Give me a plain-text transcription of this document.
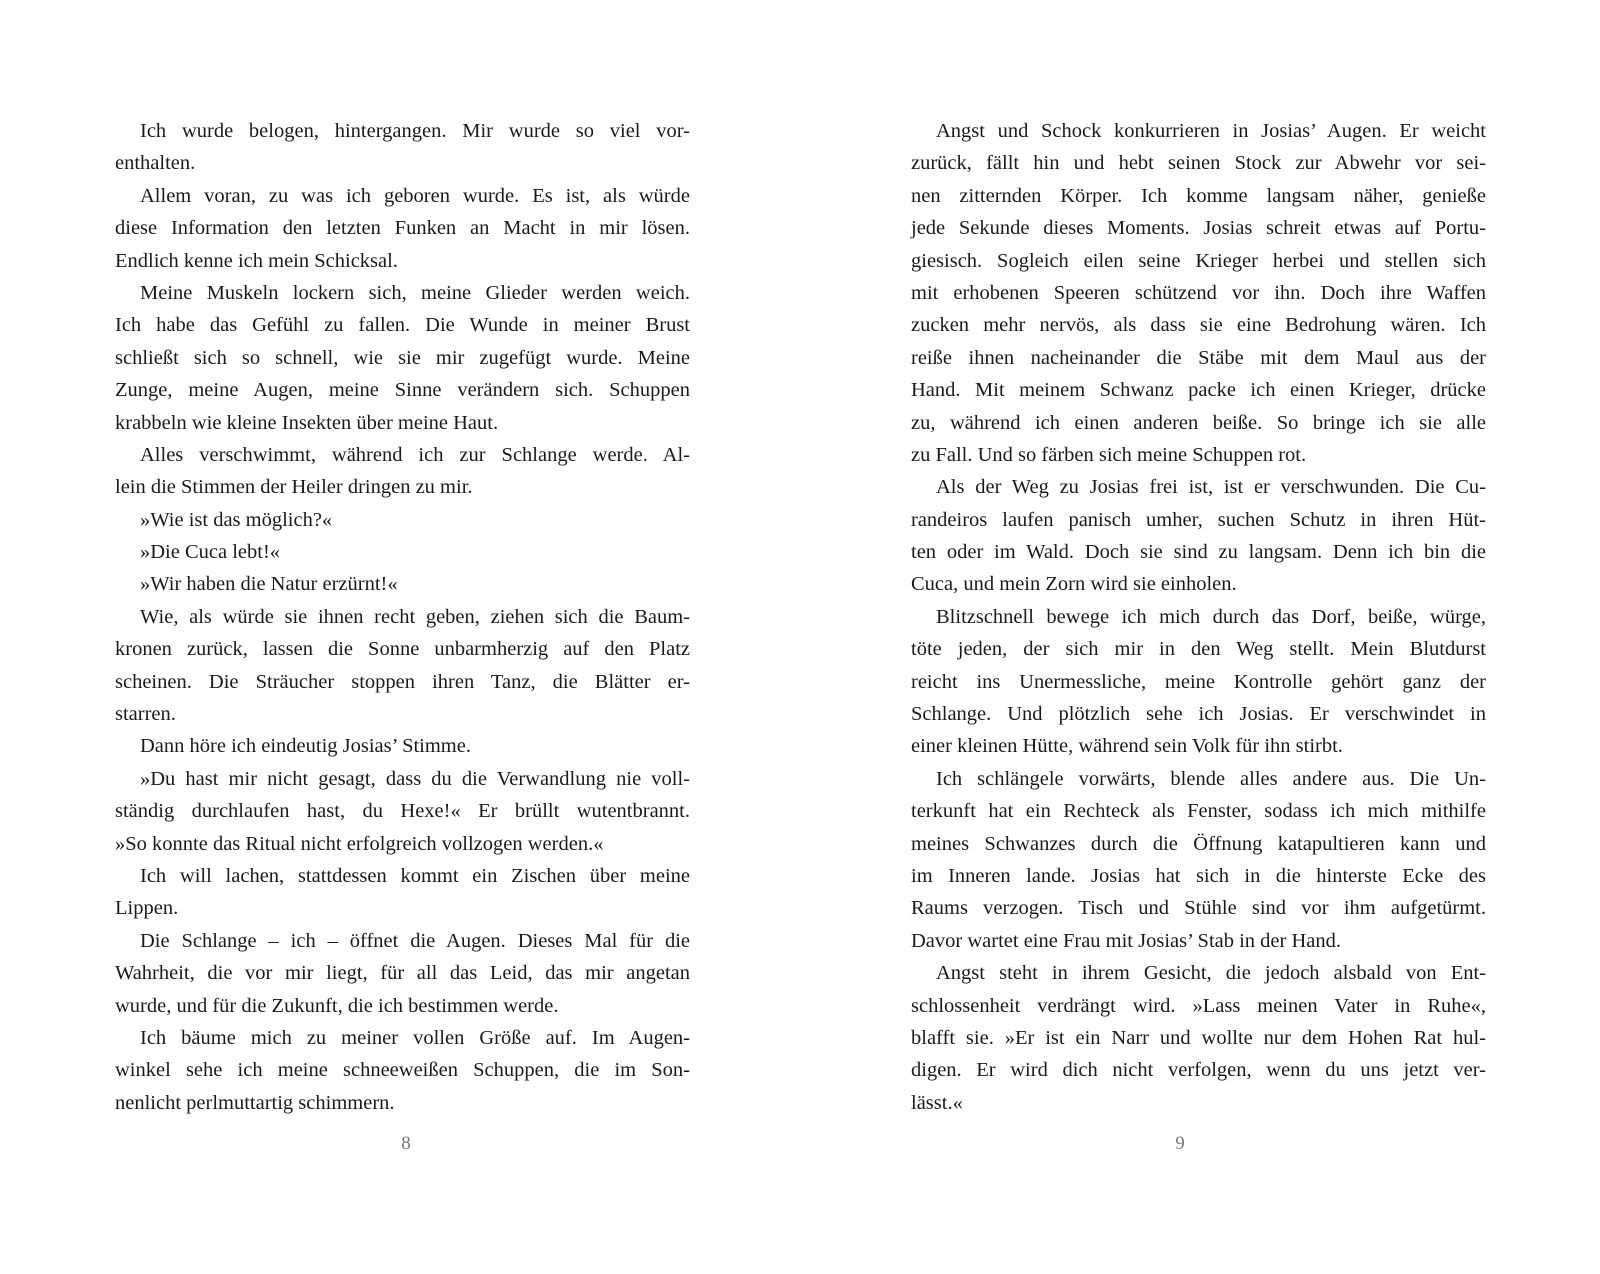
Ich wurde belogen, hintergangen. Mir wurde so viel vor-
enthalten.
Allem voran, zu was ich geboren wurde. Es ist, als würde
diese Information den letzten Funken an Macht in mir lösen.
Endlich kenne ich mein Schicksal.
Meine Muskeln lockern sich, meine Glieder werden weich.
Ich habe das Gefühl zu fallen. Die Wunde in meiner Brust
schließt sich so schnell, wie sie mir zugefügt wurde. Meine
Zunge, meine Augen, meine Sinne verändern sich. Schuppen
krabbeln wie kleine Insekten über meine Haut.
Alles verschwimmt, während ich zur Schlange werde. Al-
lein die Stimmen der Heiler dringen zu mir.
»Wie ist das möglich?«
»Die Cuca lebt!«
»Wir haben die Natur erzürnt!«
Wie, als würde sie ihnen recht geben, ziehen sich die Baum-
kronen zurück, lassen die Sonne unbarmherzig auf den Platz
scheinen. Die Sträucher stoppen ihren Tanz, die Blätter er-
starren.
Dann höre ich eindeutig Josias’ Stimme.
»Du hast mir nicht gesagt, dass du die Verwandlung nie voll-
ständig durchlaufen hast, du Hexe!« Er brüllt wutentbrannt.
»So konnte das Ritual nicht erfolgreich vollzogen werden.«
Ich will lachen, stattdessen kommt ein Zischen über meine
Lippen.
Die Schlange – ich – öffnet die Augen. Dieses Mal für die
Wahrheit, die vor mir liegt, für all das Leid, das mir angetan
wurde, und für die Zukunft, die ich bestimmen werde.
Ich bäume mich zu meiner vollen Größe auf. Im Augen-
winkel sehe ich meine schneeweißen Schuppen, die im Son-
nenlicht perlmuttartig schimmern.
8
Angst und Schock konkurrieren in Josias’ Augen. Er weicht
zurück, fällt hin und hebt seinen Stock zur Abwehr vor sei-
nen zitternden Körper. Ich komme langsam näher, genieße
jede Sekunde dieses Moments. Josias schreit etwas auf Portu-
giesisch. Sogleich eilen seine Krieger herbei und stellen sich
mit erhobenen Speeren schützend vor ihn. Doch ihre Waffen
zucken mehr nervös, als dass sie eine Bedrohung wären. Ich
reiße ihnen nacheinander die Stäbe mit dem Maul aus der
Hand. Mit meinem Schwanz packe ich einen Krieger, drücke
zu, während ich einen anderen beiße. So bringe ich sie alle
zu Fall. Und so färben sich meine Schuppen rot.
Als der Weg zu Josias frei ist, ist er verschwunden. Die Cu-
randeiros laufen panisch umher, suchen Schutz in ihren Hüt-
ten oder im Wald. Doch sie sind zu langsam. Denn ich bin die
Cuca, und mein Zorn wird sie einholen.
Blitzschnell bewege ich mich durch das Dorf, beiße, würge,
töte jeden, der sich mir in den Weg stellt. Mein Blutdurst
reicht ins Unermessliche, meine Kontrolle gehört ganz der
Schlange. Und plötzlich sehe ich Josias. Er verschwindet in
einer kleinen Hütte, während sein Volk für ihn stirbt.
Ich schlängele vorwärts, blende alles andere aus. Die Un-
terkunft hat ein Rechteck als Fenster, sodass ich mich mithilfe
meines Schwanzes durch die Öffnung katapultieren kann und
im Inneren lande. Josias hat sich in die hinterste Ecke des
Raums verzogen. Tisch und Stühle sind vor ihm aufgetürmt.
Davor wartet eine Frau mit Josias’ Stab in der Hand.
Angst steht in ihrem Gesicht, die jedoch alsbald von Ent-
schlossenheit verdrängt wird. »Lass meinen Vater in Ruhe«,
blafft sie. »Er ist ein Narr und wollte nur dem Hohen Rat hul-
digen. Er wird dich nicht verfolgen, wenn du uns jetzt ver-
lässt.«
9
